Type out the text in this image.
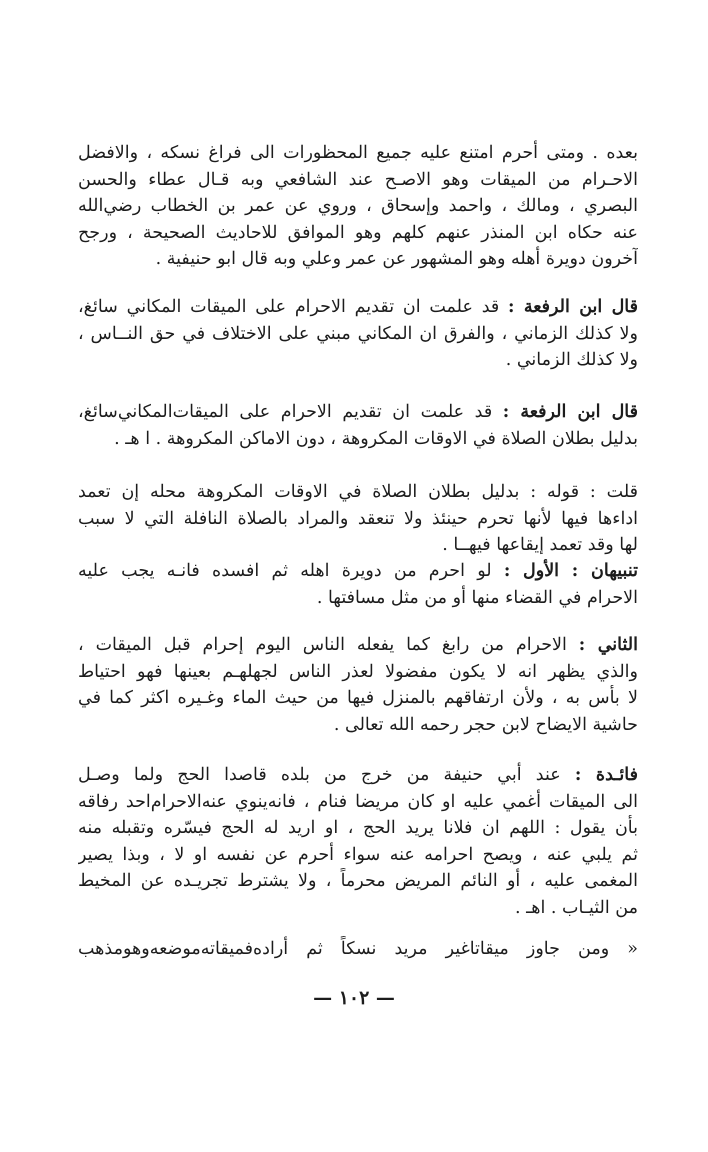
بعده . ومتى أحرم امتنع عليه جميع المحظورات الى فراغ نسكه ، والافضل
الاحـرام من الميقات وهو الاصـح عند الشافعي وبه قـال عطاء والحسن
البصري ، ومالك ، واحمد وإسحاق ، وروي عن عمر بن الخطاب رضي‌الله
عنه حكاه ابن المنذر عنهم كلهم وهو الموافق للاحاديث الصحيحة ، ورجح
آخرون دويرة أهله وهو المشهور عن عمر وعلي وبه قال ابو حنيفية .
قال ابن الرفعة : قد علمت ان تقديم الاحرام على الميقات المكاني سائغ،
ولا كذلك الزماني ، والفرق ان المكاني مبني على الاختلاف في حق النــاس ،
ولا كذلك الزماني .
قال ابن الرفعة : قد علمت ان تقديم الاحرام على الميقات‌المكاني‌سائغ،
بدليل بطلان الصلاة في الاوقات المكروهة ، دون الاماكن المكروهة . ا هـ .
قلت : قوله : بدليل بطلان الصلاة في الاوقات المكروهة محله إن تعمد
اداءها فيها لأنها تحرم حينئذ ولا تنعقد والمراد بالصلاة النافلة التي لا سبب
لها وقد تعمد إيقاعها فيهــا .
تنبيهان : الأول : لو احرم من دويرة اهله ثم افسده فانـه يجب عليه
الاحرام في القضاء منها أو من مثل مسافتها .
الثاني : الاحرام من رابغ كما يفعله الناس اليوم إحرام قبل الميقات ،
والذي يظهر انه لا يكون مفضولا لعذر الناس لجهلهـم بعينها فهو احتياط
لا بأس به ، ولأن ارتفاقهم بالمنزل فيها من حيث الماء وغـيره اكثر كما في
حاشية الايضاح لابن حجر رحمه الله تعالى .
فائـدة : عند أبي حنيفة من خرج من بلده قاصدا الحج ولما وصـل
الى الميقات أغمي عليه او كان مريضا فنام ، فانه‌ينوي عنه‌الاحرام‌احد رفاقه
بأن يقول : اللهم ان فلانا يريد الحج ، او اريد له الحج فيسّره وتقبله منه
ثم يلبي عنه ، ويصح احرامه عنه سواء أحرم عن نفسه او لا ، وبذا يصير
المغمى عليه ، أو النائم‌ المريض محرماً ، ولا يشترط تجريـده عن المخيط
من الثيـاب . اهـ .
« ومن جاوز ميقاتاغير مريد نسكاً ثم أراده‌فميقاته‌موضعه‌وهومذهب
— ١٠٢ —
